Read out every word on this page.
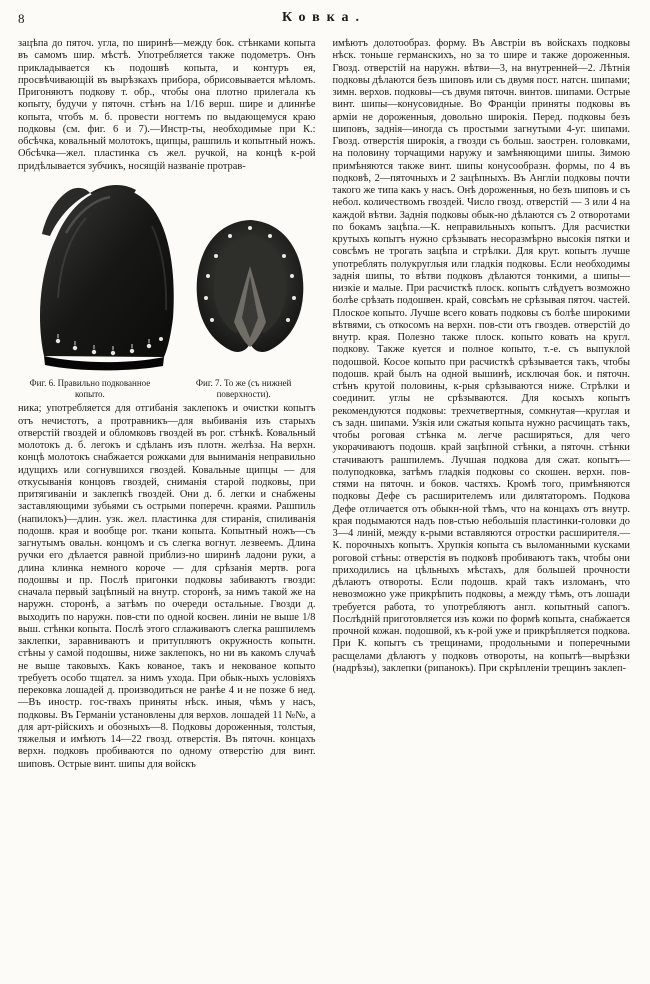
8	Ковка.

зацѣпа до пяточ. угла, по ширинѣ—между бок. стѣнками копыта въ самомъ шир. мѣстѣ. Употребляется также подометръ. Онъ прикладывается къ подошвѣ копыта, и контуръ ея, просвѣчивающій въ вырѣзкахъ прибора, обрисовывается мѣломъ. Пригоняютъ подкову т. обр., чтобы она плотно прилегала къ копыту, будучи у пяточн. стѣнъ на 1/16 верш. шире и длиннѣе копыта, чтобъ м. б. провести ногтемъ по выдающемуся краю подковы (см. фиг. 6 и 7).—Инстр-ты, необходимые при К.: обсѣчка, ковальный молотокъ, щипцы, рашпиль и копытный ножъ. Обсѣчка—жел. пластинка съ жел. ручкой, на концѣ к-рой придѣлывается зубчикъ, носящій названіе протрав-

Фиг. 6. Правильно подкованное копыто.
Фиг. 7. То же (съ нижней поверхности).

ника; употребляется для отгибанія заклепокъ и очистки копытъ отъ нечистотъ, а протравникъ—для выбиванія изъ старыхъ отверстій гвоздей и обломковъ гвоздей въ рог. стѣнкѣ. Ковальный молотокъ д. б. легокъ и сдѣланъ изъ плотн. желѣза. На верхн. концѣ молотокъ снабжается рожками для выниманія неправильно идущихъ или согнувшихся гвоздей. Ковальные щипцы — для откусыванія концовъ гвоздей, сниманія старой подковы, при притягиваніи и заклепкѣ гвоздей. Они д. б. легки и снабжены заставляющими зубьями съ острыми поперечн. краями. Рашпиль (напилокъ)—длин. узк. жел. пластинка для стиранія, спиливанія подошв. края и вообще рог. ткани копыта. Копытный ножъ—съ загнутымъ овальн. концомъ и съ слегка вогнут. лезвеемъ. Длина ручки его дѣлается равной приблиз-но ширинѣ ладони руки, а длина клинка немного короче — для срѣзанія мертв. рога подошвы и пр. Послѣ пригонки подковы забиваютъ гвозди: сначала первый зацѣпный на внутр. сторонѣ, за нимъ такой же на наружн. сторонѣ, а затѣмъ по очереди остальные. Гвозди д. выходить по наружн. пов-сти по одной косвен. линіи не выше 1/8 выш. стѣнки копыта. Послѣ этого сглаживаютъ слегка рашпилемъ заклепки, заравниваютъ и притупляютъ окружность копытн. стѣны у самой подошвы, ниже заклепокъ, но ни въ какомъ случаѣ не выше таковыхъ. Какъ кованое, такъ и некованое копыто требуетъ особо тщател. за нимъ ухода. При обык-ныхъ условіяхъ перековка лошадей д. производиться не ранѣе 4 и не позже 6 нед.—Въ иностр. гос-твахъ приняты нѣск. иныя, чѣмъ у насъ, подковы. Въ Германіи установлены для верхов. лошадей 11 №№, а для арт-рійскихъ и обозныхъ—8. Подковы дороженныя, толстыя, тяжелыя и имѣютъ 14—22 гвозд. отверстія. Въ пяточн. концахъ верхн. подковъ пробиваются по одному отверстію для винт. шиповъ. Острые винт. шипы для войскъ

имѣютъ долотообраз. форму. Въ Австріи въ войскахъ подковы нѣск. тоньше германскихъ, но за то шире и также дороженныя. Гвозд. отверстій на наружн. вѣтви—3, на внутренней—2. Лѣтнія подковы дѣлаются безъ шиповъ или съ двумя пост. натсн. шипами; зимн. верхов. подковы—съ двумя пяточн. винтов. шипами. Острые винт. шипы—конусовидные. Во Франціи приняты подковы въ арміи не дороженныя, довольно широкія. Перед. подковы безъ шиповъ, заднія—иногда съ простыми загнутыми 4-уг. шипами. Гвозд. отверстія широкія, а гвозди съ больш. заострен. головками, на половину торчащими наружу и замѣняющими шипы. Зимою примѣняются также винт. шипы конусообразн. формы, по 4 въ подковѣ, 2—пяточныхъ и 2 зацѣпныхъ. Въ Англіи подковы почти такого же типа какъ у насъ. Онѣ дороженныя, но безъ шиповъ и съ небол. количествомъ гвоздей. Число гвозд. отверстій — 3 или 4 на каждой вѣтви. Заднія подковы обык-но дѣлаются съ 2 отворотами по бокамъ зацѣпа.—К. неправильныхъ копытъ. Для расчистки крутыхъ копытъ нужно срѣзывать несоразмѣрно высокія пятки и совсѣмъ не трогать зацѣпа и стрѣлки. Для крут. копытъ лучше употреблять полукруглыя или гладкія подковы. Если необходимы заднія шипы, то вѣтви подковъ дѣлаются тонкими, а шипы—низкіе и малые. При расчисткѣ плоск. копытъ слѣдуетъ возможно болѣе срѣзать подошвен. край, совсѣмъ не срѣзывая пяточ. частей. Плоское копыто. Лучше всего ковать подковы съ болѣе широкими вѣтвями, съ откосомъ на верхн. пов-сти отъ гвоздев. отверстій до внутр. края. Полезно также плоск. копыто ковать на кругл. подкову. Также куется и полное копыто, т.-е. съ выпуклой подошвой. Косое копыто при расчисткѣ срѣзывается такъ, чтобы подошв. край былъ на одной вышинѣ, исключая бок. и пяточн. стѣнъ крутой половины, к-рыя срѣзываются ниже. Стрѣлки и соединит. углы не срѣзываются. Для косыхъ копытъ рекомендуются подковы: трехчетвертныя, сомкнутая—круглая и съ задн. шипами. Узкія или сжатыя копыта нужно расчищать такъ, чтобы роговая стѣнка м. легче расширяться, для чего укорачиваютъ подошв. край зацѣпной стѣнки, а пяточн. стѣнки стачиваютъ рашпилемъ. Лучшая подкова для сжат. копытъ—полуподковка, затѣмъ гладкія подковы со скошен. верхн. пов-стями на пяточн. и боков. частяхъ. Кромѣ того, примѣняются подковы Дефе съ расширителемъ или дилятаторомъ. Подкова Дефе отличается отъ обыкн-ной тѣмъ, что на концахъ отъ внутр. края подымаются надъ пов-стью небольшія пластинки-головки до 3—4 линій, между к-рыми вставляются отростки расширителя.—К. порочныхъ копытъ. Хрупкія копыта съ выломанными кусками роговой стѣны: отверстія въ подковѣ пробиваютъ такъ, чтобы они приходились на цѣльныхъ мѣстахъ, для большей прочности дѣлаютъ отвороты. Если подошв. край такъ изломанъ, что невозможно уже прикрѣпить подковы, а между тѣмъ, отъ лошади требуется работа, то употребляютъ англ. копытный сапогъ. Послѣдній приготовляется изъ кожи по формѣ копыта, снабжается прочной кожан. подошвой, къ к-рой уже и прикрѣпляется подкова. При К. копытъ съ трещинами, продольными и поперечными расщелами дѣлаютъ у подковъ отвороты, на копытѣ—вырѣзки (надрѣзы), заклепки (рипанокъ). При скрѣпленіи трещинъ заклеп-
